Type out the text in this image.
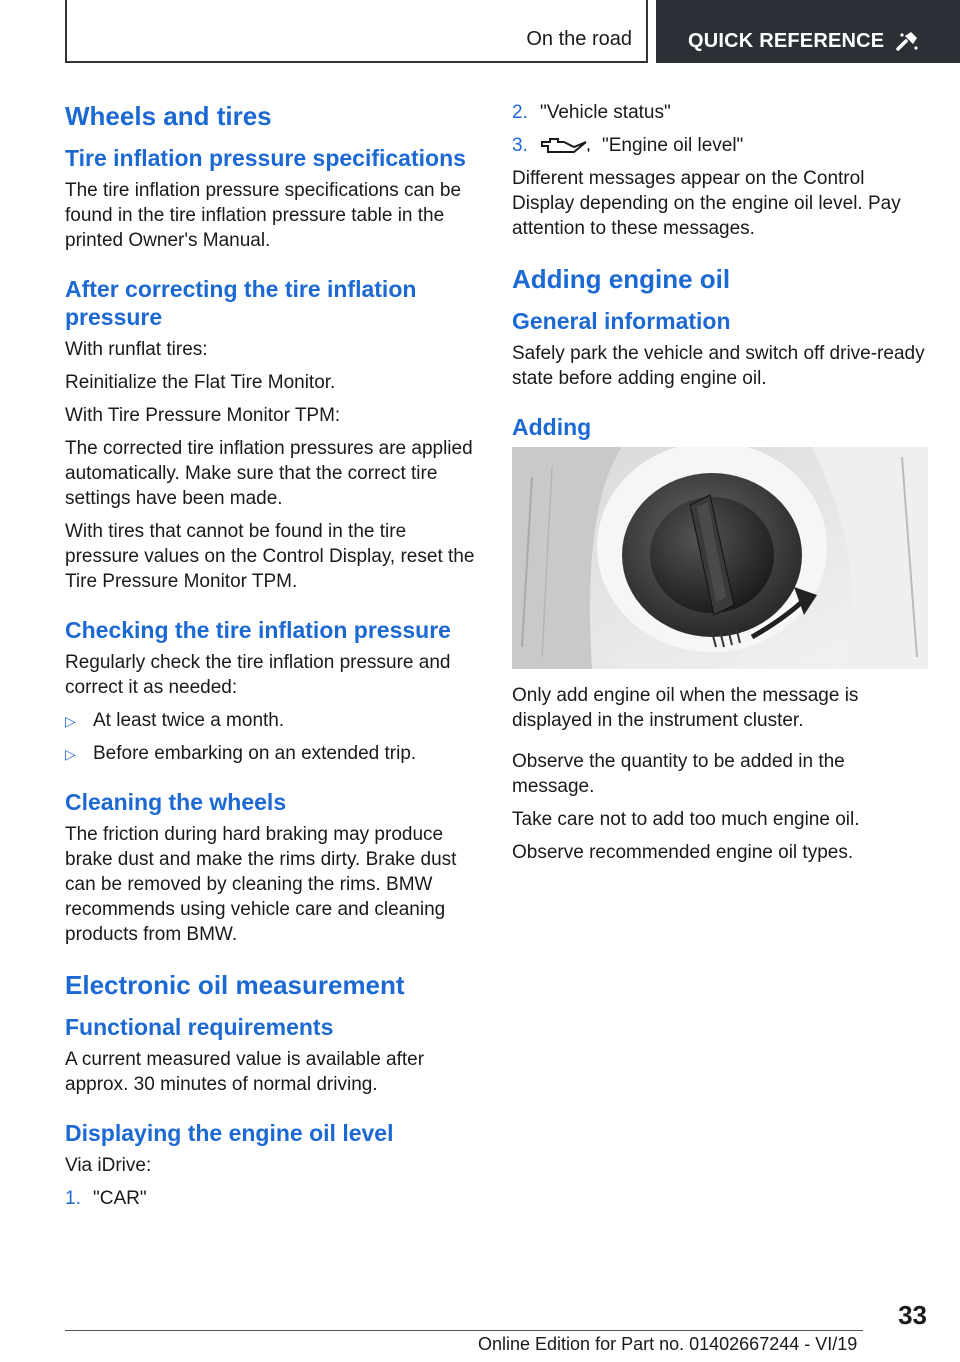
On the road	QUICK REFERENCE
Wheels and tires
Tire inflation pressure specifications

The tire inflation pressure specifications can be found in the tire inflation pressure table in the printed Owner's Manual.

After correcting the tire inflation pressure

With runflat tires:

Reinitialize the Flat Tire Monitor.

With Tire Pressure Monitor TPM:

The corrected tire inflation pressures are applied automatically. Make sure that the correct tire settings have been made.

With tires that cannot be found in the tire pressure values on the Control Display, reset the Tire Pressure Monitor TPM.

Checking the tire inflation pressure

Regularly check the tire inflation pressure and correct it as needed:

▷ At least twice a month.
▷ Before embarking on an extended trip.
Cleaning the wheels

The friction during hard braking may produce brake dust and make the rims dirty. Brake dust can be removed by cleaning the rims. BMW recommends using vehicle care and cleaning products from BMW.

Electronic oil measurement
Functional requirements

A current measured value is available after approx. 30 minutes of normal driving.

Displaying the engine oil level

Via iDrive:

1. "CAR"
2. "Vehicle status"
3.	"Engine oil level"

Different messages appear on the Control Display depending on the engine oil level. Pay attention to these messages.

Adding engine oil
General information

Safely park the vehicle and switch off drive-ready state before adding engine oil.

Adding

Only add engine oil when the message is displayed in the instrument cluster.

Observe the quantity to be added in the message.

Take care not to add too much engine oil.

Observe recommended engine oil types.

33
Online Edition for Part no. 01402667244 - VI/19
